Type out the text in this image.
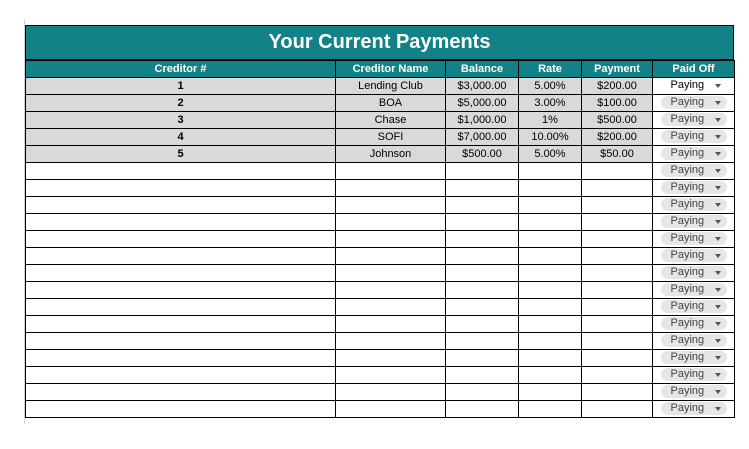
Your Current Payments
Creditor #	Creditor Name	Balance	Rate	Payment	Paid Off
1	Lending Club	$3,000.00	5.00%	$200.00	Paying

2	BOA	$5,000.00	3.00%	$100.00	Paying

3	Chase	$1,000.00	1%	$500.00	Paying

4	SOFI	$7,000.00	10.00%	$200.00	Paying

5	Johnson	$500.00	5.00%	$50.00	Paying

					Paying

					Paying

					Paying

					Paying

					Paying

					Paying

					Paying

					Paying

					Paying

					Paying

					Paying

					Paying

					Paying

					Paying

					Paying
